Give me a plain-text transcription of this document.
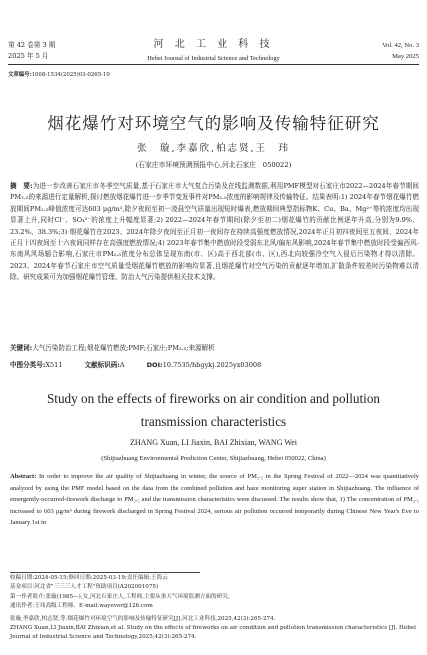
第 42 卷第 3 期
2025 年 5 月
河 北 工 业 科 技
Hebei Journal of Industrial Science and Technology
Vol. 42, No. 3
May 2025
文章编号:1008-1534(2025)03-0265-10
烟花爆竹对环境空气的影响及传输特征研究
张　璇,李嘉欣,柏志贤,王　玮
(石家庄市环境预测预报中心,河北石家庄　050022)
摘　要:为进一步改善石家庄市冬季空气质量,基于石家庄市大气复合污染及在线监测数据,利用PMF模型对石家庄市2022—2024年春节期间PM₂.₅的来源进行定量解析,探讨燃放烟花爆竹进一步季节变发事件对PM₂.₅浓度的影响规律及传输特征。结果表明:1) 2024年春节烟花爆竹燃放期间PM₂.₅峰值浓度可达603 μg/m³,除夕夜间至初一凌晨空气质量出现短时爆表,燃放期间典型指标物K、Cu、Ba、Mg²⁺等的浓度均出现显著上升,同时Cl⁻、SO₄²⁻的浓度上升幅度显著;2) 2022—2024年春节期间(除夕至初二)烟花爆竹的贡献比例逐年升高,分别为9.9%、23.2%、38.3%;3) 烟花爆竹在2023、2024年除夕夜间至正月初一夜间存在持续高强度燃放情况,2024年正月初四夜间至五夜间、2024年正月十四夜间至十六夜间同样存在高强度燃放情况;4) 2023年春节集中燃放时段受弱东北风/偏东风影响,2024年春节集中燃放时段受偏西风-东南风风场辐合影响,石家庄市PM₂.₅浓度分布总体呈现东南(市、区)高于西北部(市、区),西北向较强冷空气入侵后污染物才得以清除。2023、2024年春节石家庄市空气质量受烟花爆竹燃放的影响均显著,且烟花爆竹对空气污染的贡献逐年增加,扩散条件较差时污染物难以清除。研究成果可为加强烟花爆竹管理、防治大气污染提供相关技术支撑。
关键词:大气污染防治工程;烟花爆竹燃放;PMF;石家庄;PM₂.₅;来源解析
中图分类号:X511	文献标识码:A	DOI:10.7535/hbgykj.2025yx03008
Study on the effects of fireworks on air condition and pollution transmission characteristics
ZHANG Xuan, LI Jiaxin, BAI Zhixian, WANG Wei
(Shijiazhuang Environmental Prediction Center, Shijiazhuang, Hebei 050022, China)
Abstract: In order to improve the air quality of Shijiazhuang in winter, the source of PM₂.₅ in the Spring Festival of 2022—2024 was quantitatively analyzed by using the PMF model based on the data from the combined pollution and haze monitoring super station in Shijiazhuang. The influence of emergently-occurred-firework discharge to PM₂.₅ and the transmission characteristics were discussed. The results show that, 1) The concentration of PM₂.₅ increased to 603 μg/m³ during firework discharged in Spring Festival 2024, serious air pollution occurred temporarily during Chinese New Year's Eve to January 1st in
收稿日期:2024-05-15;修回日期:2025-03-19;责任编辑:王海云
基金项目:河北省"三三三人才工程"资助项目(A202001075)
第一作者简介:张璇(1985—),女,河北石家庄人,工程师,主要从事大气环境监测方面的研究。
通讯作者:王玮高级工程师。E-mail:wayever@126.com
张璇,李嘉欣,柏志贤,等.烟花爆竹对环境空气的影响及传输特征研究[J].河北工业科技,2025,42(3):265-274.
ZHANG Xuan,LI Jiaxin,BAI Zhixian,et al. Study on the effects of fireworks on air condition and pollution transmission characteristics [J]. Hebei Journal of Industrial Science and Technology,2025,42(3):265-274.
